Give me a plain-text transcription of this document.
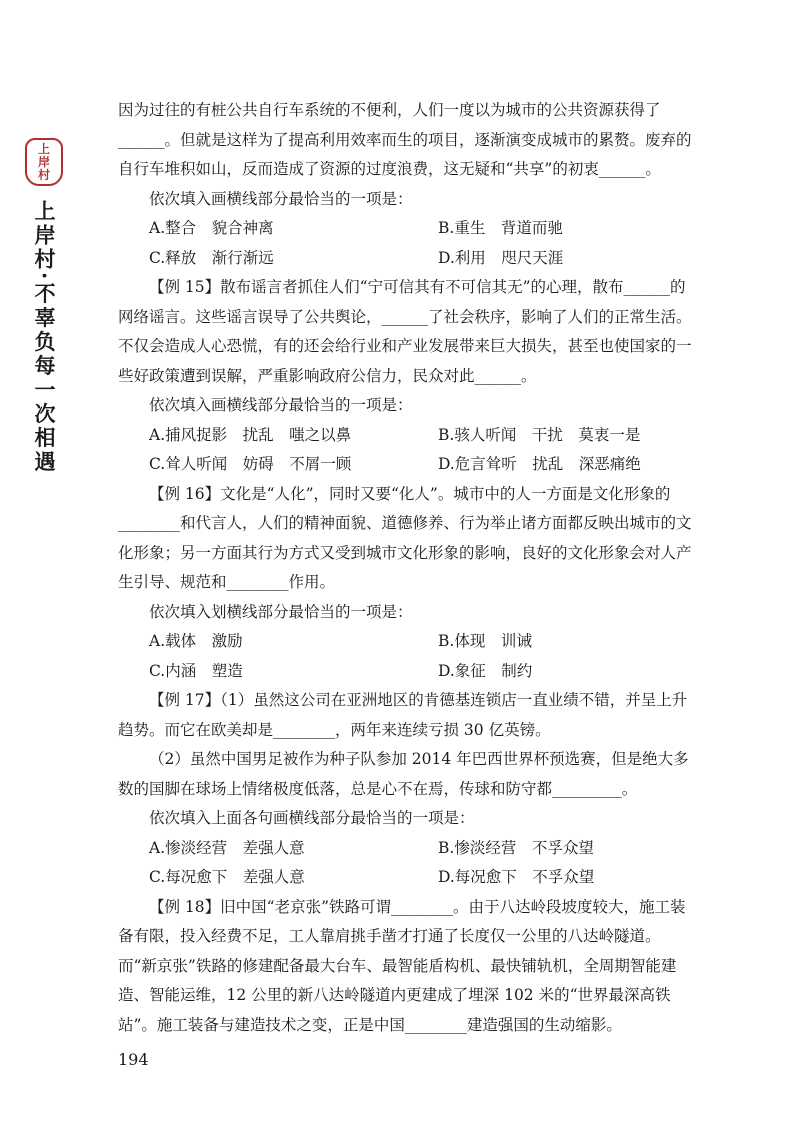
上
岸
村
上岸村·不辜负每一次相遇

因为过往的有桩公共自行车系统的不便利，人们一度以为城市的公共资源获得了______。但就是这样为了提高利用效率而生的项目，逐渐演变成城市的累赘。废弃的自行车堆积如山，反而造成了资源的过度浪费，这无疑和“共享”的初衷______。

依次填入画横线部分最恰当的一项是：

A.整合　貌合神离	B.重生　背道而驰
C.释放　渐行渐远	D.利用　咫尺天涯

【例 15】散布谣言者抓住人们“宁可信其有不可信其无”的心理，散布______的网络谣言。这些谣言误导了公共舆论，______了社会秩序，影响了人们的正常生活。不仅会造成人心恐慌，有的还会给行业和产业发展带来巨大损失，甚至也使国家的一些好政策遭到误解，严重影响政府公信力，民众对此______。

依次填入画横线部分最恰当的一项是：

A.捕风捉影　扰乱　嗤之以鼻	B.骇人听闻　干扰　莫衷一是
C.耸人听闻　妨碍　不屑一顾	D.危言耸听　扰乱　深恶痛绝

【例 16】文化是“人化”，同时又要“化人”。城市中的人一方面是文化形象的________和代言人，人们的精神面貌、道德修养、行为举止诸方面都反映出城市的文化形象；另一方面其行为方式又受到城市文化形象的影响，良好的文化形象会对人产生引导、规范和________作用。

依次填入划横线部分最恰当的一项是：

A.载体　激励	B.体现　训诫
C.内涵　塑造	D.象征　制约

【例 17】（1）虽然这公司在亚洲地区的肯德基连锁店一直业绩不错，并呈上升趋势。而它在欧美却是________，两年来连续亏损 30 亿英镑。

（2）虽然中国男足被作为种子队参加 2014 年巴西世界杯预选赛，但是绝大多数的国脚在球场上情绪极度低落，总是心不在焉，传球和防守都_________。

依次填入上面各句画横线部分最恰当的一项是：

A.惨淡经营　差强人意	B.惨淡经营　不孚众望
C.每况愈下　差强人意	D.每况愈下　不孚众望

【例 18】旧中国“老京张”铁路可谓________。由于八达岭段坡度较大，施工装备有限，投入经费不足，工人靠肩挑手凿才打通了长度仅一公里的八达岭隧道。而“新京张”铁路的修建配备最大台车、最智能盾构机、最快铺轨机，全周期智能建造、智能运维，12 公里的新八达岭隧道内更建成了埋深 102 米的“世界最深高铁站”。施工装备与建造技术之变，正是中国________建造强国的生动缩影。

194
